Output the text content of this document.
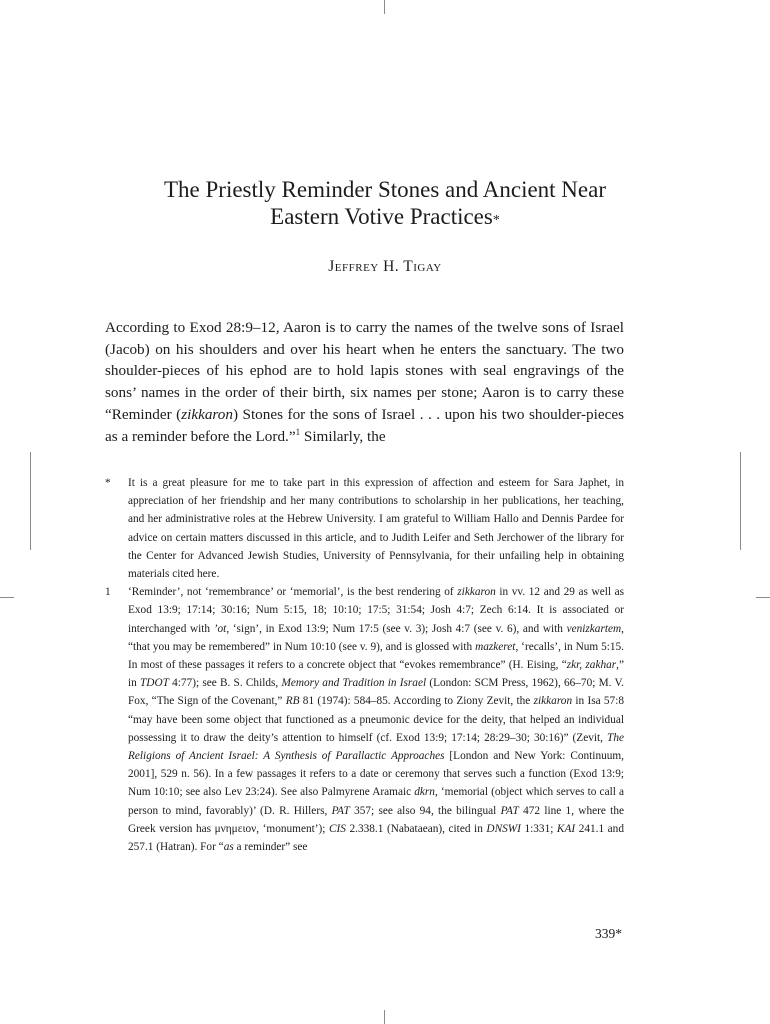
The Priestly Reminder Stones and Ancient Near
Eastern Votive Practices*

Jeffrey H. Tigay

According to Exod 28:9–12, Aaron is to carry the names of the twelve sons of Israel (Jacob) on his shoulders and over his heart when he enters the sanctuary. The two shoulder-pieces of his ephod are to hold lapis stones with seal engravings of the sons’ names in the order of their birth, six names per stone; Aaron is to carry these “Reminder (zikkaron) Stones for the sons of Israel . . . upon his two shoulder-pieces as a reminder before the Lord.”$^1$ Similarly, the

*	It is a great pleasure for me to take part in this expression of affection and esteem for Sara Japhet, in appreciation of her friendship and her many contributions to scholarship in her publications, her teaching, and her administrative roles at the Hebrew University. I am grateful to William Hallo and Dennis Pardee for advice on certain matters discussed in this article, and to Judith Leifer and Seth Jerchower of the library for the Center for Advanced Jewish Studies, University of Pennsylvania, for their unfailing help in obtaining materials cited here.

1	‘Reminder’, not ‘remembrance’ or ‘memorial’, is the best rendering of zikkaron in vv. 12 and 29 as well as Exod 13:9; 17:14; 30:16; Num 5:15, 18; 10:10; 17:5; 31:54; Josh 4:7; Zech 6:14. It is associated or interchanged with ’ot, ‘sign’, in Exod 13:9; Num 17:5 (see v. 3); Josh 4:7 (see v. 6), and with venizkartem, “that you may be remembered” in Num 10:10 (see v. 9), and is glossed with mazkeret, ‘recalls’, in Num 5:15. In most of these passages it refers to a concrete object that “evokes remembrance” (H. Eising, “zkr, zakhar,” in TDOT 4:77); see B. S. Childs, Memory and Tradition in Israel (London: SCM Press, 1962), 66–70; M. V. Fox, “The Sign of the Covenant,” RB 81 (1974): 584–85. According to Ziony Zevit, the zikkaron in Isa 57:8 “may have been some object that functioned as a pneumonic device for the deity, that helped an individual possessing it to draw the deity’s attention to himself (cf. Exod 13:9; 17:14; 28:29–30; 30:16)” (Zevit, The Religions of Ancient Israel: A Synthesis of Parallactic Approaches [London and New York: Continuum, 2001], 529 n. 56). In a few passages it refers to a date or ceremony that serves such a function (Exod 13:9; Num 10:10; see also Lev 23:24). See also Palmyrene Aramaic dkrn, ‘memorial (object which serves to call a person to mind, favorably)’ (D. R. Hillers, PAT 357; see also 94, the bilingual PAT 472 line 1, where the Greek version has μνημειον, ‘monument’); CIS 2.338.1 (Nabataean), cited in DNSWI 1:331; KAI 241.1 and 257.1 (Hatran). For “as a reminder” see

339*
